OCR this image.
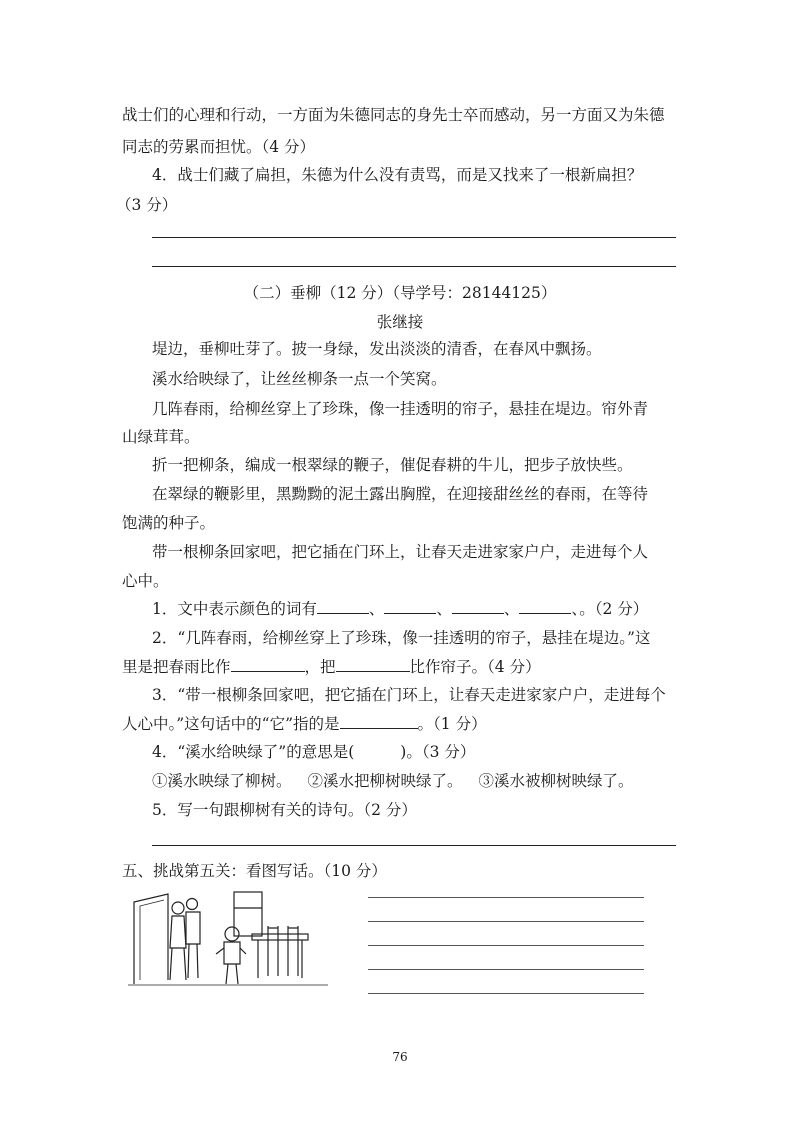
战士们的心理和行动，一方面为朱德同志的身先士卒而感动，另一方面又为朱德
同志的劳累而担忧。（4 分）
4．战士们藏了扁担，朱德为什么没有责骂，而是又找来了一根新扁担？
（3 分）
（二）垂柳（12 分）（导学号：28144125）
张继接
堤边，垂柳吐芽了。披一身绿，发出淡淡的清香，在春风中飘扬。
溪水给映绿了，让丝丝柳条一点一个笑窝。
几阵春雨，给柳丝穿上了珍珠，像一挂透明的帘子，悬挂在堤边。帘外青
山绿茸茸。
折一把柳条，编成一根翠绿的鞭子，催促春耕的牛儿，把步子放快些。
在翠绿的鞭影里，黑黝黝的泥土露出胸膛，在迎接甜丝丝的春雨，在等待
饱满的种子。
带一根柳条回家吧，把它插在门环上，让春天走进家家户户，走进每个人
心中。
1．文中表示颜色的词有	、	、	、	、。（2 分）
2．“几阵春雨，给柳丝穿上了珍珠，像一挂透明的帘子，悬挂在堤边。”这
里是把春雨比作	，把	比作帘子。（4 分）
3．“带一根柳条回家吧，把它插在门环上，让春天走进家家户户，走进每个
人心中。”这句话中的“它”指的是	。（1 分）
4．“溪水给映绿了”的意思是(	)。（3 分）
①溪水映绿了柳树。 ②溪水把柳树映绿了。 ③溪水被柳树映绿了。
5．写一句跟柳树有关的诗句。（2 分）
五、挑战第五关：看图写话。（10 分）
76
